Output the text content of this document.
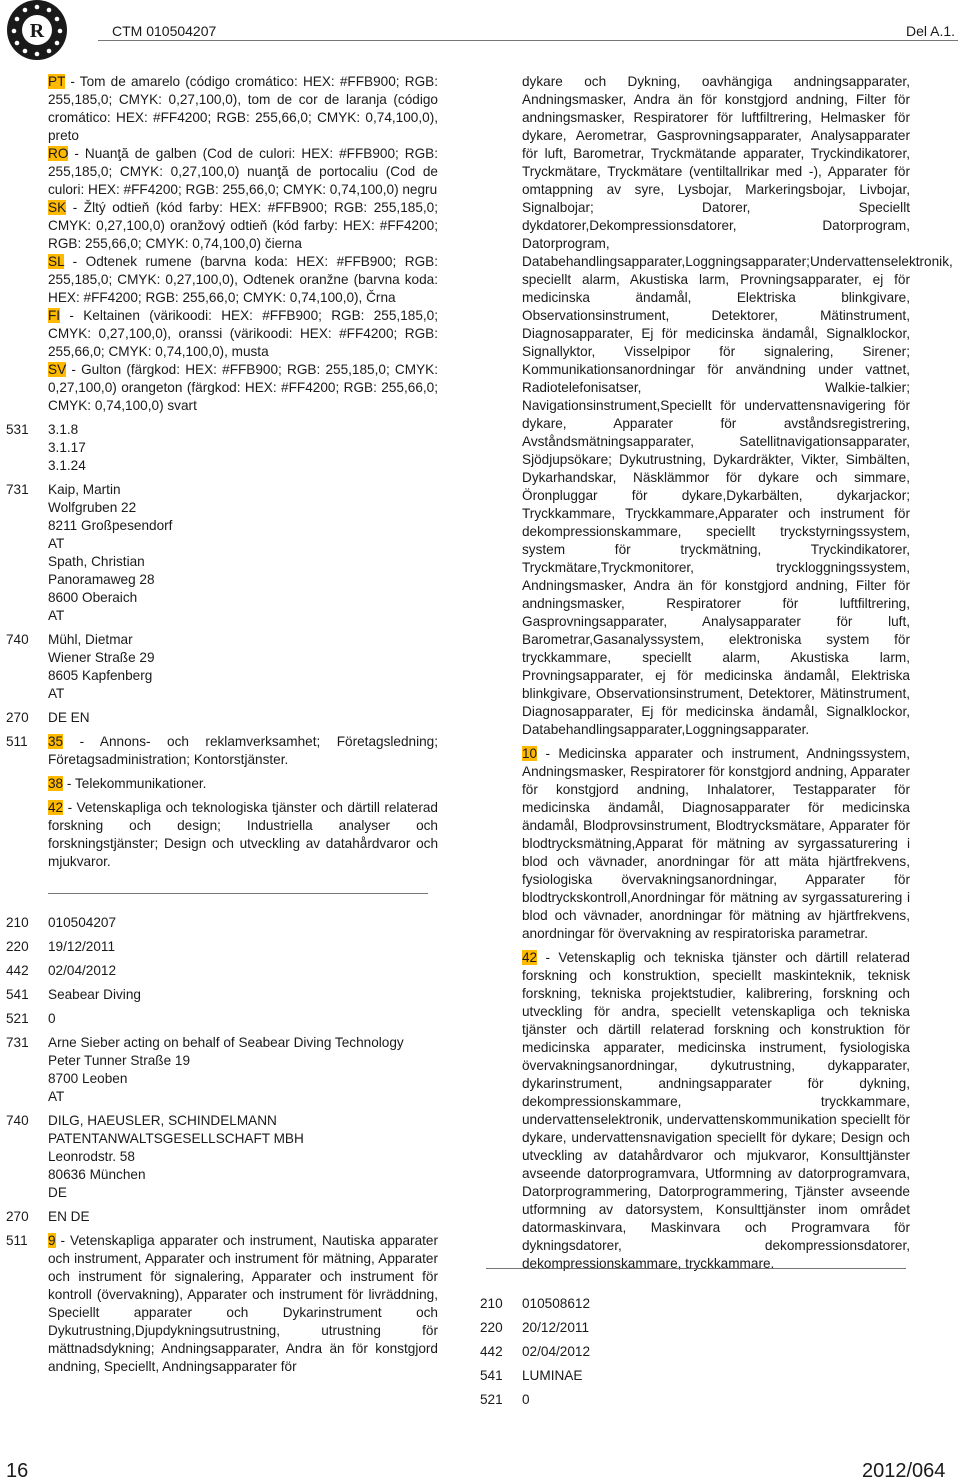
R	CTM 010504207	Del A.1.

PT - Tom de amarelo (código cromático: HEX: #FFB900; RGB: 255,185,0; CMYK: 0,27,100,0), tom de cor de laranja (código cromático: HEX: #FF4200; RGB: 255,66,0; CMYK: 0,74,100,0), preto

RO - Nuanţă de galben (Cod de culori: HEX: #FFB900; RGB: 255,185,0; CMYK: 0,27,100,0) nuanţă de portocaliu (Cod de culori: HEX: #FF4200; RGB: 255,66,0; CMYK: 0,74,100,0) negru

SK - Žltý odtieň (kód farby: HEX: #FFB900; RGB: 255,185,0; CMYK: 0,27,100,0) oranžový odtieň (kód farby: HEX: #FF4200; RGB: 255,66,0; CMYK: 0,74,100,0) čierna

SL - Odtenek rumene (barvna koda: HEX: #FFB900; RGB: 255,185,0; CMYK: 0,27,100,0), Odtenek oranžne (barvna koda: HEX: #FF4200; RGB: 255,66,0; CMYK: 0,74,100,0), Črna

FI - Keltainen (värikoodi: HEX: #FFB900; RGB: 255,185,0; CMYK: 0,27,100,0), oranssi (värikoodi: HEX: #FF4200; RGB: 255,66,0; CMYK: 0,74,100,0), musta

SV - Gulton (färgkod: HEX: #FFB900; RGB: 255,185,0; CMYK: 0,27,100,0) orangeton (färgkod: HEX: #FF4200; RGB: 255,66,0; CMYK: 0,74,100,0) svart

531	3.1.8

3.1.17

3.1.24

731	Kaip, Martin

Wolfgruben 22

8211 Großpesendorf

AT

Spath, Christian

Panoramaweg 28

8600 Oberaich

AT

740	Mühl, Dietmar

Wiener Straße 29

8605 Kapfenberg

AT

270	DE EN

511	35 - Annons- och reklamverksamhet; Företagsledning; Företagsadministration; Kontorstjänster.

38 - Telekommunikationer.

42 - Vetenskapliga och teknologiska tjänster och därtill relaterad forskning och design; Industriella analyser och forskningstjänster; Design och utveckling av datahårdvaror och mjukvaror.

210	010504207

220	19/12/2011

442	02/04/2012

541	Seabear Diving

521	0

731	Arne Sieber acting on behalf of Seabear Diving Technology

Peter Tunner Straße 19

8700 Leoben

AT

740	DILG, HAEUSLER, SCHINDELMANN

PATENTANWALTSGESELLSCHAFT MBH

Leonrodstr. 58

80636 München

DE

270	EN DE

511	9 - Vetenskapliga apparater och instrument, Nautiska apparater och instrument, Apparater och instrument för mätning, Apparater och instrument för signalering, Apparater och instrument för kontroll (övervakning), Apparater och instrument för livräddning, Speciellt apparater och Dykarinstrument och Dykutrustning,Djupdykningsutrustning, utrustning för mättnadsdykning; Andningsapparater, Andra än för konstgjord andning, Speciellt, Andningsapparater för

dykare och Dykning, oavhängiga andningsapparater, Andningsmasker, Andra än för konstgjord andning, Filter för andningsmasker, Respiratorer för luftfiltrering, Helmasker för dykare, Aerometrar, Gasprovningsapparater, Analysapparater för luft, Barometrar, Tryckmätande apparater, Tryckindikatorer, Tryckmätare, Tryckmätare (ventiltallrikar med -), Apparater för omtappning av syre, Lysbojar, Markeringsbojar, Livbojar, Signalbojar; Datorer, Speciellt dykdatorer,Dekompressionsdatorer, Datorprogram, Datorprogram, Databehandlingsapparater,Loggningsapparater;Undervattenselektronik, speciellt alarm, Akustiska larm, Provningsapparater, ej för medicinska ändamål, Elektriska blinkgivare, Observationsinstrument, Detektorer, Mätinstrument, Diagnosapparater, Ej för medicinska ändamål, Signalklockor, Signallyktor, Visselpipor för signalering, Sirener; Kommunikationsanordningar för användning under vattnet, Radiotelefonisatser, Walkie-talkier; Navigationsinstrument,Speciellt för undervattensnavigering för dykare, Apparater för avståndsregistrering, Avståndsmätningsapparater, Satellitnavigationsapparater, Sjödjupsökare; Dykutrustning, Dykardräkter, Vikter, Simbälten, Dykarhandskar, Näsklämmor för dykare och simmare, Öronpluggar för dykare,Dykarbälten, dykarjackor; Tryckkammare, Tryckkammare,Apparater och instrument för dekompressionskammare, speciellt tryckstyrningssystem, system för tryckmätning, Tryckindikatorer, Tryckmätare,Tryckmonitorer, tryckloggningssystem, Andningsmasker, Andra än för konstgjord andning, Filter för andningsmasker, Respiratorer för luftfiltrering, Gasprovningsapparater, Analysapparater för luft, Barometrar,Gasanalyssystem, elektroniska system för tryckkammare, speciellt alarm, Akustiska larm, Provningsapparater, ej för medicinska ändamål, Elektriska blinkgivare, Observationsinstrument, Detektorer, Mätinstrument, Diagnosapparater, Ej för medicinska ändamål, Signalklockor, Databehandlingsapparater,Loggningsapparater.

10 - Medicinska apparater och instrument, Andningssystem, Andningsmasker, Respiratorer för konstgjord andning, Apparater för konstgjord andning, Inhalatorer, Testapparater för medicinska ändamål, Diagnosapparater för medicinska ändamål, Blodprovsinstrument, Blodtrycksmätare, Apparater för blodtrycksmätning,Apparat för mätning av syrgassaturering i blod och vävnader, anordningar för att mäta hjärtfrekvens, fysiologiska övervakningsanordningar, Apparater för blodtryckskontroll,Anordningar för mätning av syrgassaturering i blod och vävnader, anordningar för mätning av hjärtfrekvens, anordningar för övervakning av respiratoriska parametrar.

42 - Vetenskaplig och tekniska tjänster och därtill relaterad forskning och konstruktion, speciellt maskinteknik, teknisk forskning, tekniska projektstudier, kalibrering, forskning och utveckling för andra, speciellt vetenskapliga och tekniska tjänster och därtill relaterad forskning och konstruktion för medicinska apparater, medicinska instrument, fysiologiska övervakningsanordningar, dykutrustning, dykapparater, dykarinstrument, andningsapparater för dykning, dekompressionskammare, tryckkammare, undervattenselektronik, undervattenskommunikation speciellt för dykare, undervattensnavigation speciellt för dykare; Design och utveckling av datahårdvaror och mjukvaror, Konsulttjänster avseende datorprogramvara, Utformning av datorprogramvara, Datorprogrammering, Datorprogrammering, Tjänster avseende utformning av datorsystem, Konsulttjänster inom området datormaskinvara, Maskinvara och Programvara för dykningsdatorer, dekompressionsdatorer, dekompressionskammare, tryckkammare.

210	010508612

220	20/12/2011

442	02/04/2012

541	LUMINAE

521	0

16	2012/064
